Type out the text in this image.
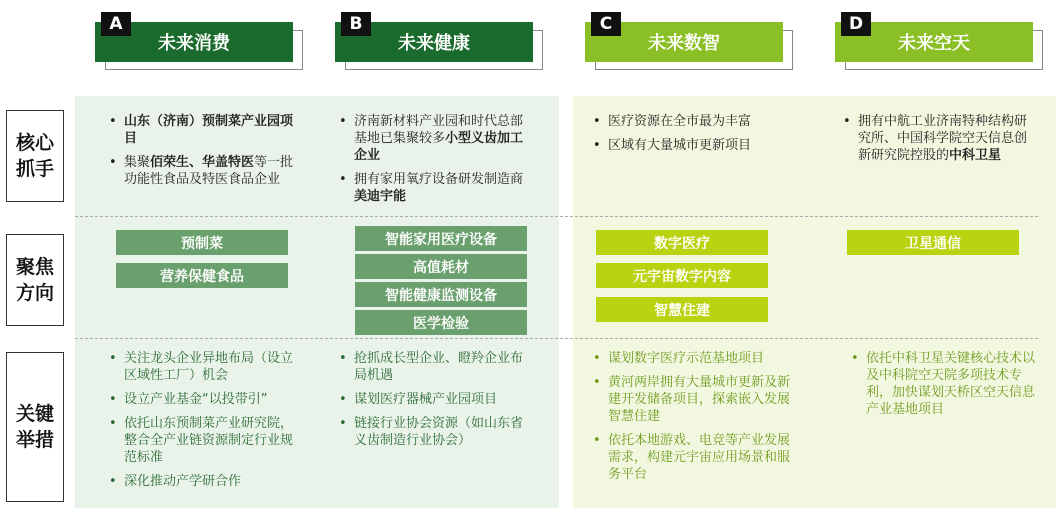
核心抓手
聚焦方向
关键举措
未来消费
A
未来健康
B
未来数智
C
未来空天
D
• 山东（济南）预制菜产业园项目
• 集聚佰荣生、华盖特医等一批功能性食品及特医食品企业
• 济南新材料产业园和时代总部基地已集聚较多小型义齿加工企业
• 拥有家用氧疗设备研发制造商美迪宇能
• 医疗资源在全市最为丰富
• 区域有大量城市更新项目
• 拥有中航工业济南特种结构研究所、中国科学院空天信息创新研究院控股的中科卫星
预制菜
营养保健食品
智能家用医疗设备
高值耗材
智能健康监测设备
医学检验
数字医疗
元宇宙数字内容
智慧住建
卫星通信
• 关注龙头企业异地布局（设立区域性工厂）机会
• 设立产业基金“以投带引”
• 依托山东预制菜产业研究院，整合全产业链资源制定行业规范标准
• 深化推动产学研合作
• 抢抓成长型企业、瞪羚企业布局机遇
• 谋划医疗器械产业园项目
• 链接行业协会资源（如山东省义齿制造行业协会）
• 谋划数字医疗示范基地项目
• 黄河两岸拥有大量城市更新及新建开发储备项目，探索嵌入发展智慧住建
• 依托本地游戏、电竞等产业发展需求，构建元宇宙应用场景和服务平台
• 依托中科卫星关键核心技术以及中科院空天院多项技术专利，加快谋划天桥区空天信息产业基地项目
